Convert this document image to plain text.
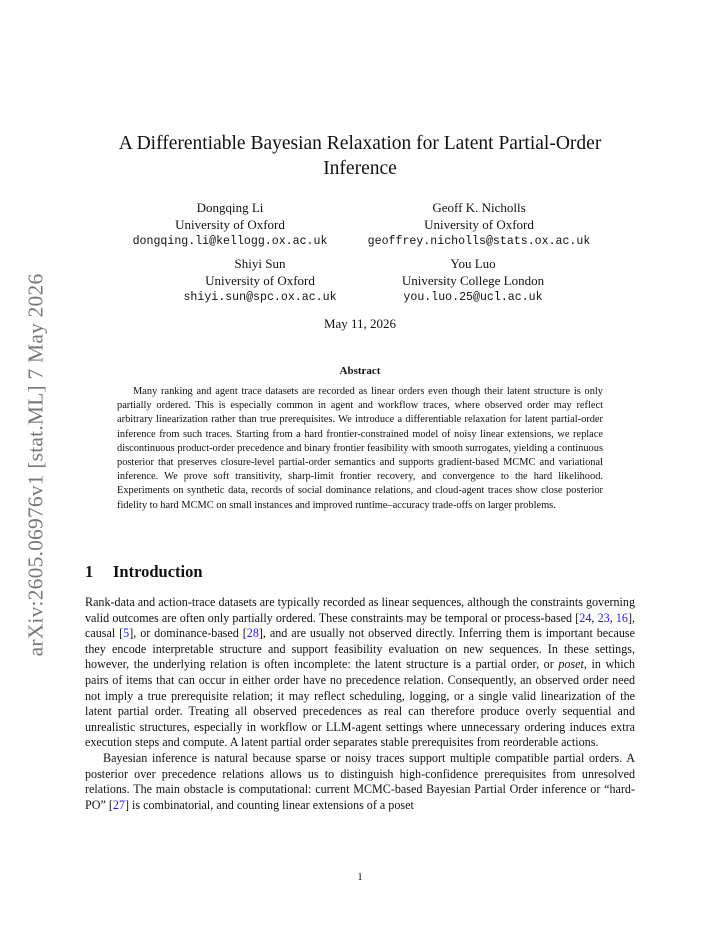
arXiv:2605.06976v1 [stat.ML] 7 May 2026
A Differentiable Bayesian Relaxation for Latent Partial-Order Inference
Dongqing Li
University of Oxford
dongqing.li@kellogg.ox.ac.uk
Geoff K. Nicholls
University of Oxford
geoffrey.nicholls@stats.ox.ac.uk
Shiyi Sun
University of Oxford
shiyi.sun@spc.ox.ac.uk
You Luo
University College London
you.luo.25@ucl.ac.uk
May 11, 2026
Abstract

Many ranking and agent trace datasets are recorded as linear orders even though their latent structure is only partially ordered. This is especially common in agent and workflow traces, where observed order may reflect arbitrary linearization rather than true prerequisites. We introduce a differentiable relaxation for latent partial-order inference from such traces. Starting from a hard frontier-constrained model of noisy linear extensions, we replace discontinuous product-order precedence and binary frontier feasibility with smooth surrogates, yielding a continuous posterior that preserves closure-level partial-order semantics and supports gradient-based MCMC and variational inference. We prove soft transitivity, sharp-limit frontier recovery, and convergence to the hard likelihood. Experiments on synthetic data, records of social dominance relations, and cloud-agent traces show close posterior fidelity to hard MCMC on small instances and improved runtime–accuracy trade-offs on larger problems.

1 Introduction

Rank-data and action-trace datasets are typically recorded as linear sequences, although the constraints governing valid outcomes are often only partially ordered. These constraints may be temporal or process-based [24, 23, 16], causal [5], or dominance-based [28], and are usually not observed directly. Inferring them is important because they encode interpretable structure and support feasibility evaluation on new sequences. In these settings, however, the underlying relation is often incomplete: the latent structure is a partial order, or poset, in which pairs of items that can occur in either order have no precedence relation. Consequently, an observed order need not imply a true prerequisite relation; it may reflect scheduling, logging, or a single valid linearization of the latent partial order. Treating all observed precedences as real can therefore produce overly sequential and unrealistic structures, especially in workflow or LLM-agent settings where unnecessary ordering induces extra execution steps and compute. A latent partial order separates stable prerequisites from reorderable actions.

Bayesian inference is natural because sparse or noisy traces support multiple compatible partial orders. A posterior over precedence relations allows us to distinguish high-confidence prerequisites from unresolved relations. The main obstacle is computational: current MCMC-based Bayesian Partial Order inference or “hard-PO” [27] is combinatorial, and counting linear extensions of a poset

1
